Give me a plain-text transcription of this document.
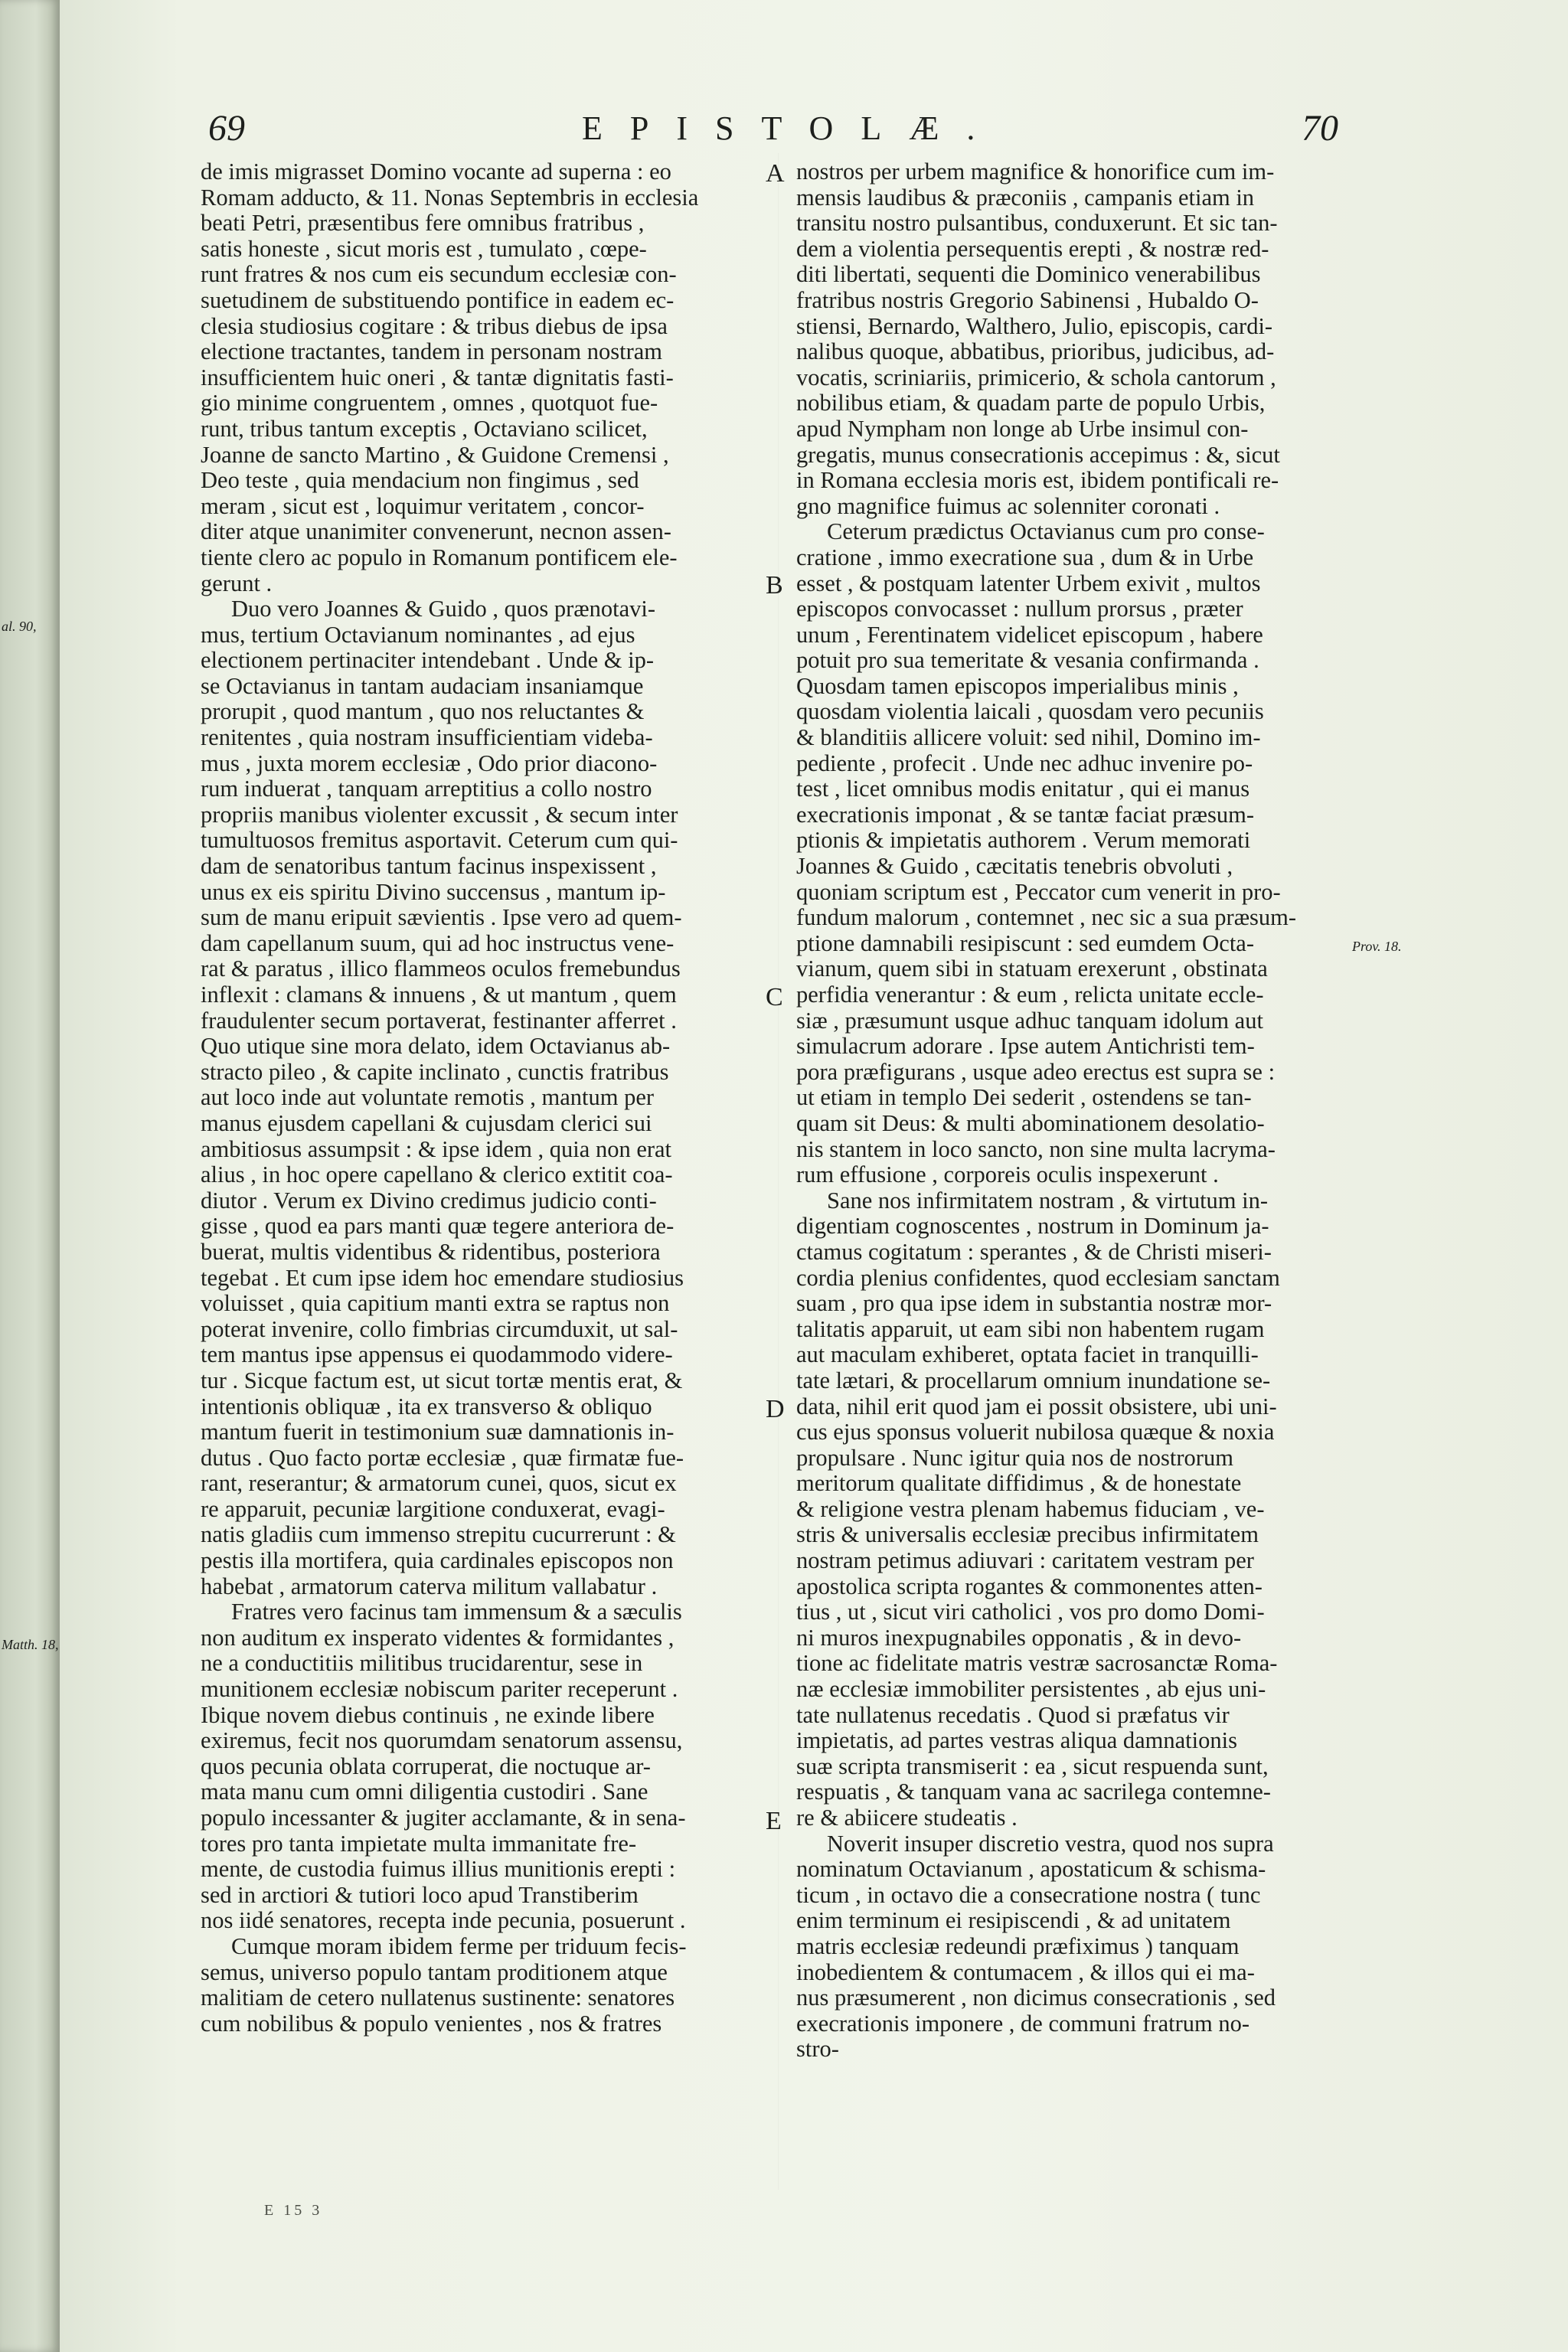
69	EPISTOLÆ.	70
de imis migrasset Domino vocante ad superna : eo
Romam adducto, & 11. Nonas Septembris in ecclesia
beati Petri, præsentibus fere omnibus fratribus ,
satis honeste , sicut moris est , tumulato , cœpe-
runt fratres & nos cum eis secundum ecclesiæ con-
suetudinem de substituendo pontifice in eadem ec-
clesia studiosius cogitare : & tribus diebus de ipsa
electione tractantes, tandem in personam nostram
insufficientem huic oneri , & tantæ dignitatis fasti-
gio minime congruentem , omnes , quotquot fue-
runt, tribus tantum exceptis , Octaviano scilicet,
Joanne de sancto Martino , & Guidone Cremensi ,
Deo teste , quia mendacium non fingimus , sed
meram , sicut est , loquimur veritatem , concor-
diter atque unanimiter convenerunt, necnon assen-
tiente clero ac populo in Romanum pontificem ele-
gerunt .
Duo vero Joannes & Guido , quos prænotavi-
mus, tertium Octavianum nominantes , ad ejus
electionem pertinaciter intendebant . Unde & ip-
se Octavianus in tantam audaciam insaniamque
prorupit , quod mantum , quo nos reluctantes &
renitentes , quia nostram insufficientiam videba-
mus , juxta morem ecclesiæ , Odo prior diacono-
rum induerat , tanquam arreptitius a collo nostro
propriis manibus violenter excussit , & secum inter
tumultuosos fremitus asportavit. Ceterum cum qui-
dam de senatoribus tantum facinus inspexissent ,
unus ex eis spiritu Divino succensus , mantum ip-
sum de manu eripuit sævientis . Ipse vero ad quem-
dam capellanum suum, qui ad hoc instructus vene-
rat & paratus , illico flammeos oculos fremebundus
inflexit : clamans & innuens , & ut mantum , quem
fraudulenter secum portaverat, festinanter afferret .
Quo utique sine mora delato, idem Octavianus ab-
stracto pileo , & capite inclinato , cunctis fratribus
aut loco inde aut voluntate remotis , mantum per
manus ejusdem capellani & cujusdam clerici sui
ambitiosus assumpsit : & ipse idem , quia non erat
alius , in hoc opere capellano & clerico extitit coa-
diutor . Verum ex Divino credimus judicio conti-
gisse , quod ea pars manti quæ tegere anteriora de-
buerat, multis videntibus & ridentibus, posteriora
tegebat . Et cum ipse idem hoc emendare studiosius
voluisset , quia capitium manti extra se raptus non
poterat invenire, collo fimbrias circumduxit, ut sal-
tem mantus ipse appensus ei quodammodo videre-
tur . Sicque factum est, ut sicut tortæ mentis erat, &
intentionis obliquæ , ita ex transverso & obliquo
mantum fuerit in testimonium suæ damnationis in-
dutus . Quo facto portæ ecclesiæ , quæ firmatæ fue-
rant, reserantur; & armatorum cunei, quos, sicut ex
re apparuit, pecuniæ largitione conduxerat, evagi-
natis gladiis cum immenso strepitu cucurrerunt : &
pestis illa mortifera, quia cardinales episcopos non
habebat , armatorum caterva militum vallabatur .
Fratres vero facinus tam immensum & a sæculis
non auditum ex insperato videntes & formidantes ,
ne a conductitiis militibus trucidarentur, sese in
munitionem ecclesiæ nobiscum pariter receperunt .
Ibique novem diebus continuis , ne exinde libere
exiremus, fecit nos quorumdam senatorum assensu,
quos pecunia oblata corruperat, die noctuque ar-
mata manu cum omni diligentia custodiri . Sane
populo incessanter & jugiter acclamante, & in sena-
tores pro tanta impietate multa immanitate fre-
mente, de custodia fuimus illius munitionis erepti :
sed in arctiori & tutiori loco apud Transtiberim
nos iidé senatores, recepta inde pecunia, posuerunt .
Cumque moram ibidem ferme per triduum fecis-
semus, universo populo tantam proditionem atque
malitiam de cetero nullatenus sustinente: senatores
cum nobilibus & populo venientes , nos & fratres
nostros per urbem magnifice & honorifice cum im-
mensis laudibus & præconiis , campanis etiam in
transitu nostro pulsantibus, conduxerunt. Et sic tan-
dem a violentia persequentis erepti , & nostræ red-
diti libertati, sequenti die Dominico venerabilibus
fratribus nostris Gregorio Sabinensi , Hubaldo O-
stiensi, Bernardo, Walthero, Julio, episcopis, cardi-
nalibus quoque, abbatibus, prioribus, judicibus, ad-
vocatis, scriniariis, primicerio, & schola cantorum ,
nobilibus etiam, & quadam parte de populo Urbis,
apud Nympham non longe ab Urbe insimul con-
gregatis, munus consecrationis accepimus : &, sicut
in Romana ecclesia moris est, ibidem pontificali re-
gno magnifice fuimus ac solenniter coronati .
Ceterum prædictus Octavianus cum pro conse-
cratione , immo execratione sua , dum & in Urbe
esset , & postquam latenter Urbem exivit , multos
episcopos convocasset : nullum prorsus , præter
unum , Ferentinatem videlicet episcopum , habere
potuit pro sua temeritate & vesania confirmanda .
Quosdam tamen episcopos imperialibus minis ,
quosdam violentia laicali , quosdam vero pecuniis
& blanditiis allicere voluit: sed nihil, Domino im-
pediente , profecit . Unde nec adhuc invenire po-
test , licet omnibus modis enitatur , qui ei manus
execrationis imponat , & se tantæ faciat præsum-
ptionis & impietatis authorem . Verum memorati
Joannes & Guido , cæcitatis tenebris obvoluti ,
quoniam scriptum est , Peccator cum venerit in pro-
fundum malorum , contemnet , nec sic a sua præsum-
ptione damnabili resipiscunt : sed eumdem Octa-
vianum, quem sibi in statuam erexerunt , obstinata
perfidia venerantur : & eum , relicta unitate eccle-
siæ , præsumunt usque adhuc tanquam idolum aut
simulacrum adorare . Ipse autem Antichristi tem-
pora præfigurans , usque adeo erectus est supra se :
ut etiam in templo Dei sederit , ostendens se tan-
quam sit Deus: & multi abominationem desolatio-
nis stantem in loco sancto, non sine multa lacryma-
rum effusione , corporeis oculis inspexerunt .
Sane nos infirmitatem nostram , & virtutum in-
digentiam cognoscentes , nostrum in Dominum ja-
ctamus cogitatum : sperantes , & de Christi miseri-
cordia plenius confidentes, quod ecclesiam sanctam
suam , pro qua ipse idem in substantia nostræ mor-
talitatis apparuit, ut eam sibi non habentem rugam
aut maculam exhiberet, optata faciet in tranquilli-
tate lætari, & procellarum omnium inundatione se-
data, nihil erit quod jam ei possit obsistere, ubi uni-
cus ejus sponsus voluerit nubilosa quæque & noxia
propulsare . Nunc igitur quia nos de nostrorum
meritorum qualitate diffidimus , & de honestate
& religione vestra plenam habemus fiduciam , ve-
stris & universalis ecclesiæ precibus infirmitatem
nostram petimus adiuvari : caritatem vestram per
apostolica scripta rogantes & commonentes atten-
tius , ut , sicut viri catholici , vos pro domo Domi-
ni muros inexpugnabiles opponatis , & in devo-
tione ac fidelitate matris vestræ sacrosanctæ Roma-
næ ecclesiæ immobiliter persistentes , ab ejus uni-
tate nullatenus recedatis . Quod si præfatus vir
impietatis, ad partes vestras aliqua damnationis
suæ scripta transmiserit : ea , sicut respuenda sunt,
respuatis , & tanquam vana ac sacrilega contemne-
re & abiicere studeatis .
Noverit insuper discretio vestra, quod nos supra
nominatum Octavianum , apostaticum & schisma-
ticum , in octavo die a consecratione nostra ( tunc
enim terminum ei resipiscendi , & ad unitatem
matris ecclesiæ redeundi præfiximus ) tanquam
inobedientem & contumacem , & illos qui ei ma-
nus præsumerent , non dicimus consecrationis , sed
execrationis imponere , de communi fratrum no-
stro-
A
B
C
D
E
al. 90,
Matth. 18,
Prov. 18.
E 15 3
